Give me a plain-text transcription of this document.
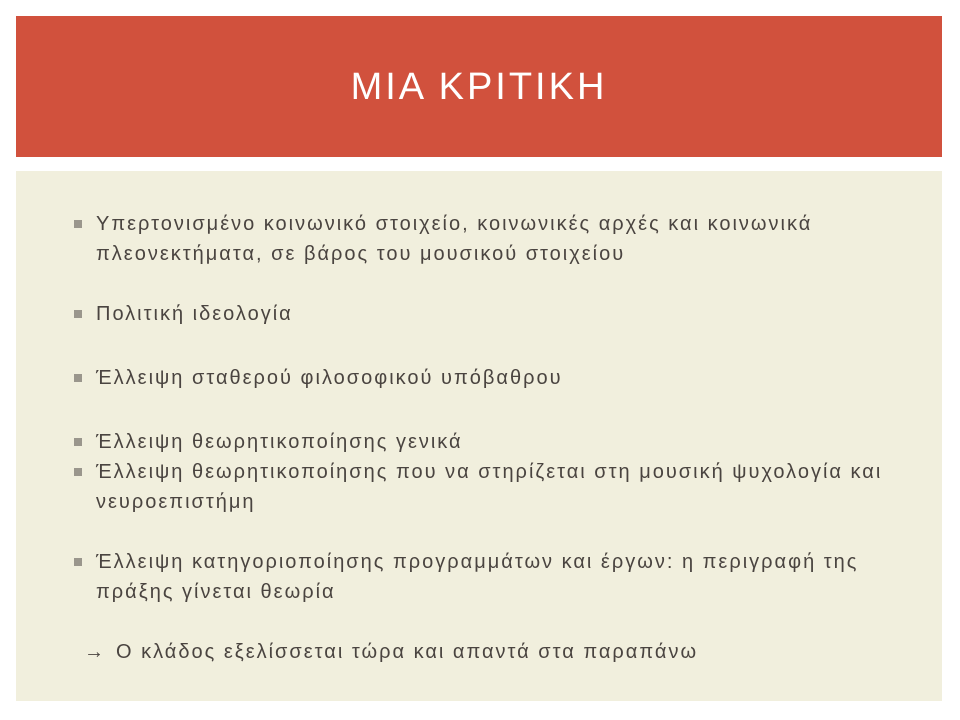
ΜΙΑ ΚΡΙΤΙΚΗ
Υπερτονισμένο κοινωνικό στοιχείο, κοινωνικές αρχές και κοινωνικά πλεονεκτήματα, σε βάρος του μουσικού στοιχείου
Πολιτική ιδεολογία
Έλλειψη σταθερού φιλοσοφικού υπόβαθρου
Έλλειψη θεωρητικοποίησης γενικά
Έλλειψη θεωρητικοποίησης που να στηρίζεται στη μουσική ψυχολογία και νευροεπιστήμη
Έλλειψη κατηγοριοποίησης προγραμμάτων και έργων: η περιγραφή της πράξης γίνεται θεωρία
→ Ο κλάδος εξελίσσεται τώρα και απαντά στα παραπάνω
